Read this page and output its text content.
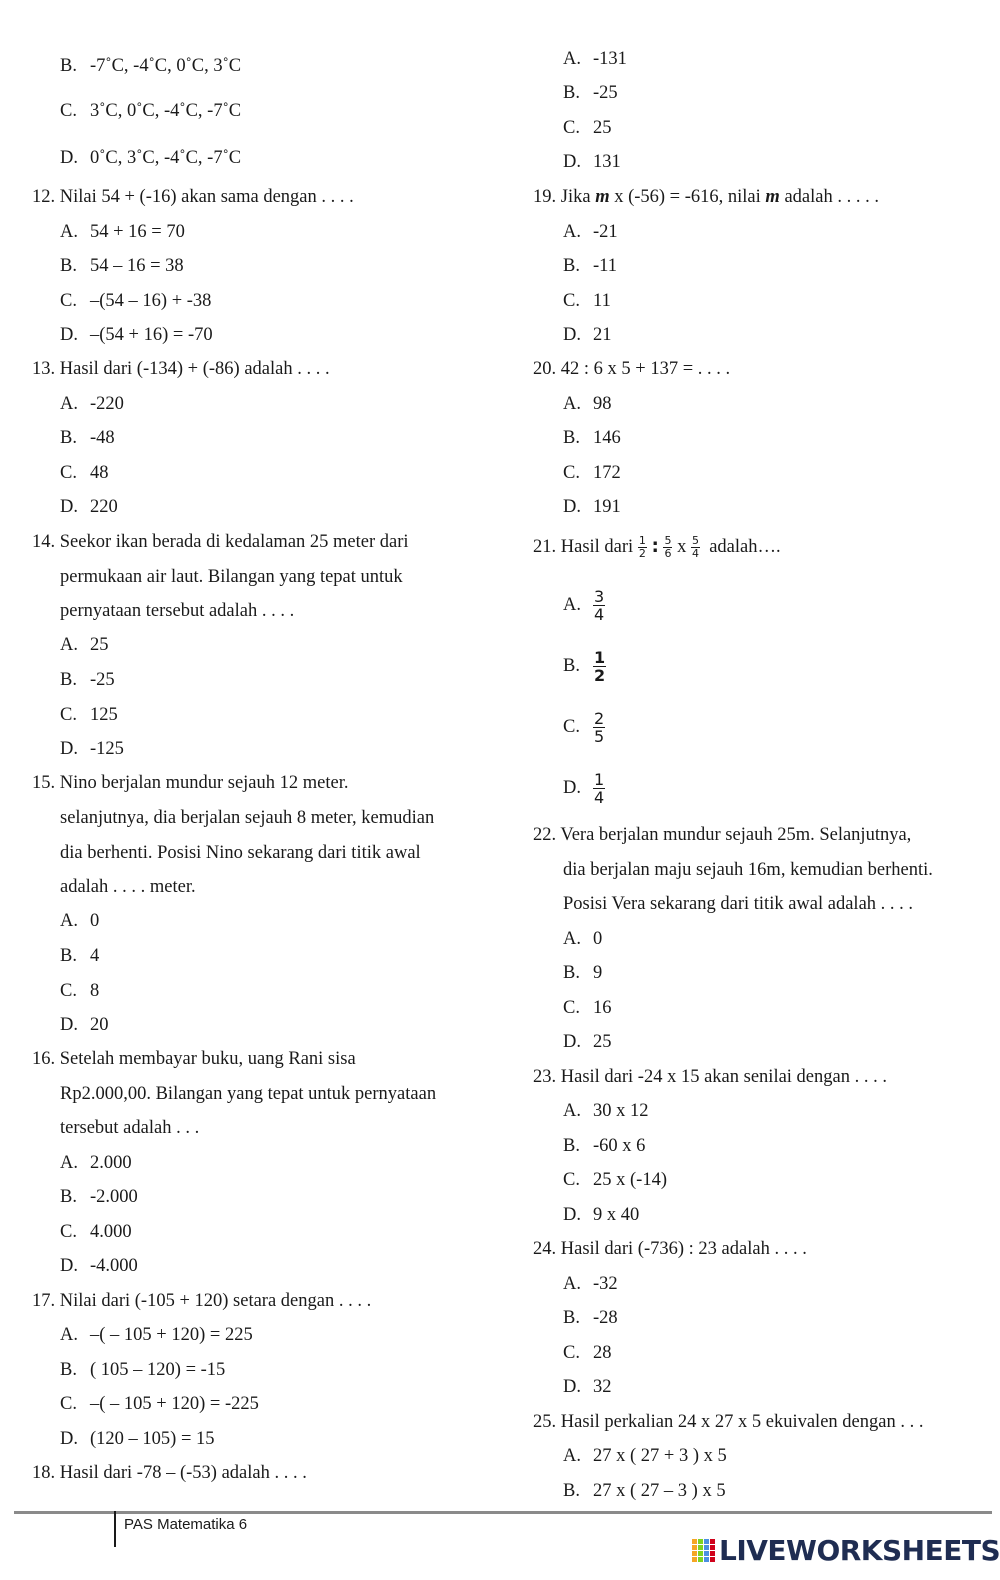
B. -7˚C, -4˚C, 0˚C, 3˚C
C. 3˚C, 0˚C, -4˚C, -7˚C
D. 0˚C, 3˚C, -4˚C, -7˚C
12. Nilai 54 + (-16) akan sama dengan . . . .
A. 54 + 16 = 70
B. 54 – 16 = 38
C. –(54 – 16) + -38
D. –(54 + 16) = -70
13. Hasil dari (-134) + (-86) adalah . . . .
A. -220
B. -48
C. 48
D. 220
14. Seekor ikan berada di kedalaman 25 meter dari
permukaan air laut. Bilangan yang tepat untuk
pernyataan tersebut adalah . . . .
A. 25
B. -25
C. 125
D. -125
15. Nino berjalan mundur sejauh 12 meter.
selanjutnya, dia berjalan sejauh 8 meter, kemudian
dia berhenti. Posisi Nino sekarang dari titik awal
adalah . . . . meter.
A. 0
B. 4
C. 8
D. 20
16. Setelah membayar buku, uang Rani sisa
Rp2.000,00. Bilangan yang tepat untuk pernyataan
tersebut adalah . . .
A. 2.000
B. -2.000
C. 4.000
D. -4.000
17. Nilai dari (-105 + 120) setara dengan . . . .
A. –( – 105 + 120) = 225
B. ( 105 – 120) = -15
C. –( – 105 + 120) = -225
D. (120 – 105) = 15
18. Hasil dari -78 – (-53) adalah . . . .
A. -131
B. -25
C. 25
D. 131
19. Jika m x (-56) = -616, nilai m adalah . . . . .
A. -21
B. -11
C. 11
D. 21
20. 42 : 6 x 5 + 137 = . . . .
A. 98
B. 146
C. 172
D. 191
21. Hasil dari $\frac{1}{2}$ : $\frac{5}{6}$ x $\frac{5}{4}$ adalah….
A. $\frac{3}{4}$
B. $\frac{1}{2}$
C. $\frac{2}{5}$
D. $\frac{1}{4}$
22. Vera berjalan mundur sejauh 25m. Selanjutnya,
dia berjalan maju sejauh 16m, kemudian berhenti.
Posisi Vera sekarang dari titik awal adalah . . . .
A. 0
B. 9
C. 16
D. 25
23. Hasil dari -24 x 15 akan senilai dengan . . . .
A. 30 x 12
B. -60 x 6
C. 25 x (-14)
D. 9 x 40
24. Hasil dari (-736) : 23 adalah . . . .
A. -32
B. -28
C. 28
D. 32
25. Hasil perkalian 24 x 27 x 5 ekuivalen dengan . . .
A. 27 x ( 27 + 3 ) x 5
B. 27 x ( 27 – 3 ) x 5
PAS Matematika 6
LIVEWORKSHEETS
